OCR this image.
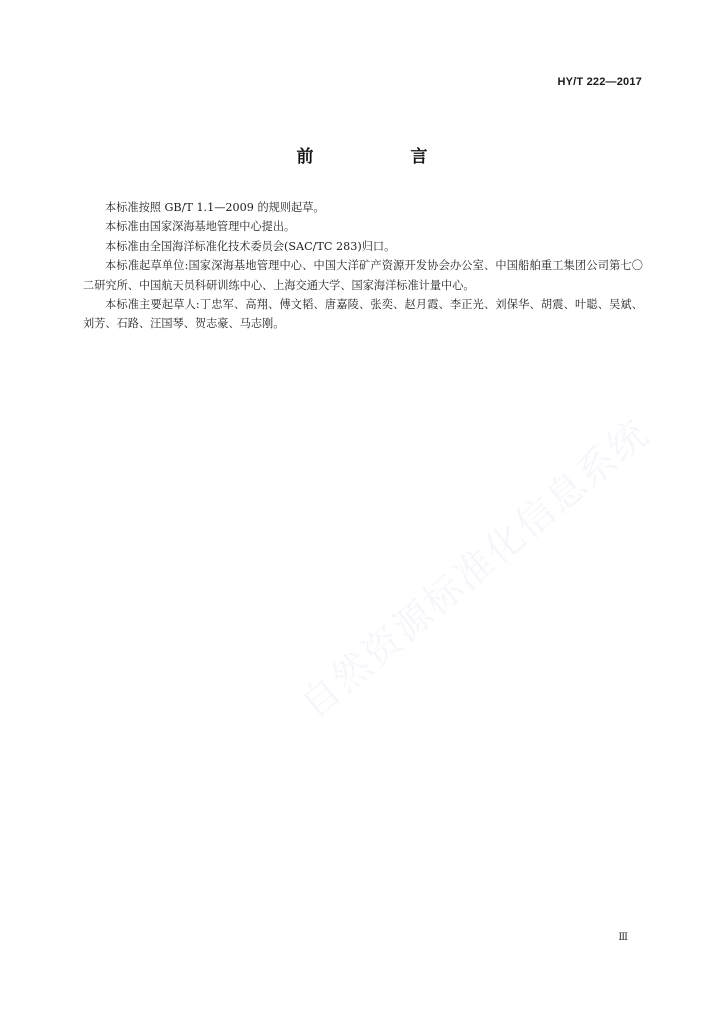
HY/T 222—2017
前　言

本标准按照 GB/T 1.1—2009 的规则起草。

本标准由国家深海基地管理中心提出。

本标准由全国海洋标准化技术委员会(SAC/TC 283)归口。

本标准起草单位:国家深海基地管理中心、中国大洋矿产资源开发协会办公室、中国船舶重工集团公司第七〇二研究所、中国航天员科研训练中心、上海交通大学、国家海洋标准计量中心。

本标准主要起草人:丁忠军、高翔、傅文韬、唐嘉陵、张奕、赵月霞、李正光、刘保华、胡震、叶聪、吴斌、刘芳、石路、汪国琴、贺志豪、马志刚。

自然资源标准化信息系统
Ⅲ
